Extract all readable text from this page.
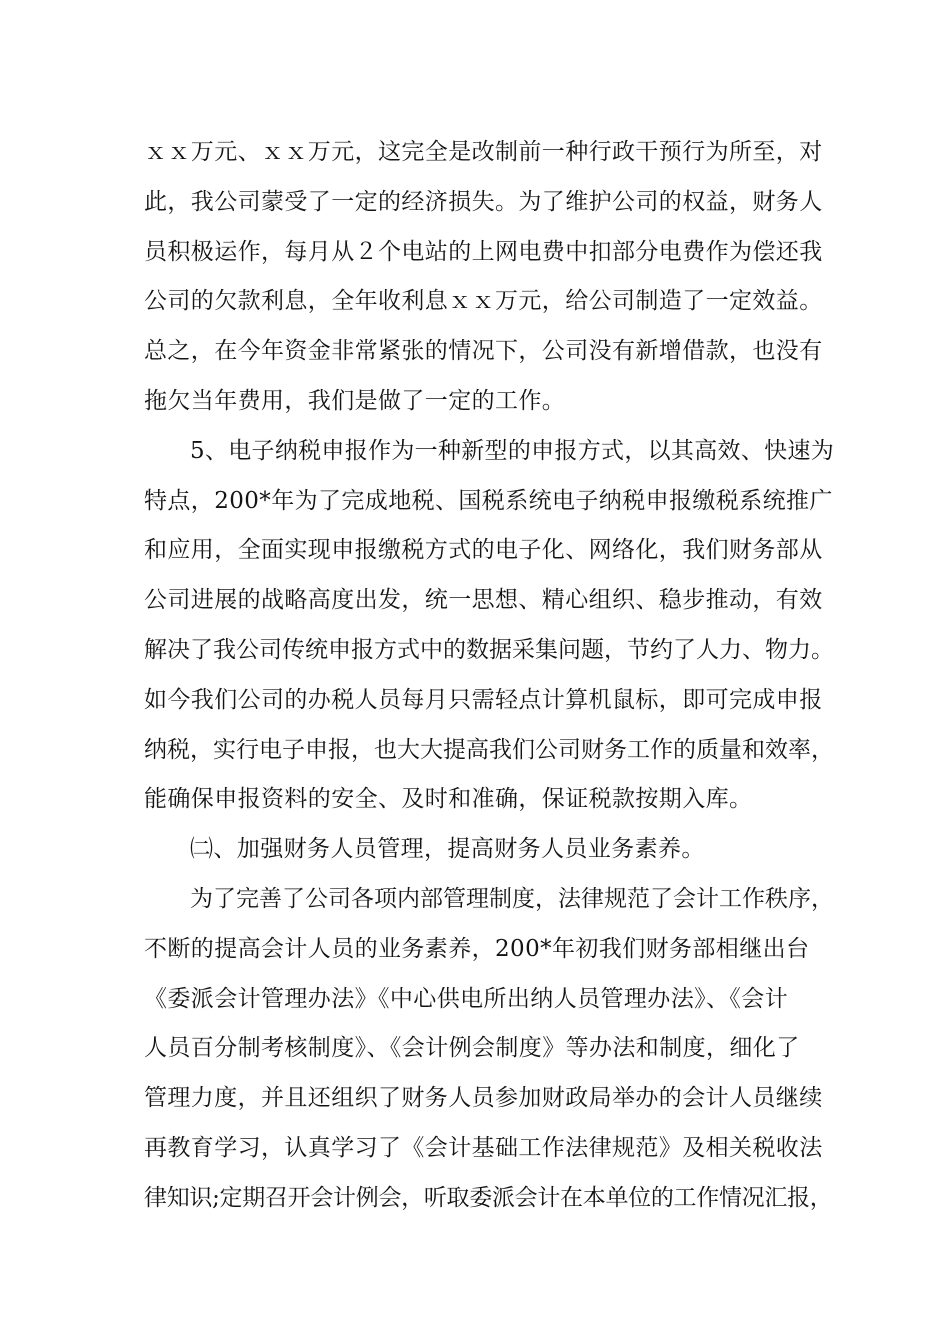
ｘｘ万元、ｘｘ万元，这完全是改制前一种行政干预行为所至，对
此，我公司蒙受了一定的经济损失。为了维护公司的权益，财务人
员积极运作，每月从２个电站的上网电费中扣部分电费作为偿还我
公司的欠款利息，全年收利息ｘｘ万元，给公司制造了一定效益。
总之，在今年资金非常紧张的情况下，公司没有新增借款，也没有
拖欠当年费用，我们是做了一定的工作。
5、电子纳税申报作为一种新型的申报方式，以其高效、快速为
特点，200*年为了完成地税、国税系统电子纳税申报缴税系统推广
和应用，全面实现申报缴税方式的电子化、网络化，我们财务部从
公司进展的战略高度出发，统一思想、精心组织、稳步推动，有效
解决了我公司传统申报方式中的数据采集问题，节约了人力、物力。
如今我们公司的办税人员每月只需轻点计算机鼠标，即可完成申报
纳税，实行电子申报，也大大提高我们公司财务工作的质量和效率，
能确保申报资料的安全、及时和准确，保证税款按期入库。
㈡、加强财务人员管理，提高财务人员业务素养。
为了完善了公司各项内部管理制度，法律规范了会计工作秩序，
不断的提高会计人员的业务素养，200*年初我们财务部相继出台
《委派会计管理办法》《中心供电所出纳人员管理办法》、《会计
人员百分制考核制度》、《会计例会制度》等办法和制度，细化了
管理力度，并且还组织了财务人员参加财政局举办的会计人员继续
再教育学习，认真学习了《会计基础工作法律规范》及相关税收法
律知识;定期召开会计例会，听取委派会计在本单位的工作情况汇报，
